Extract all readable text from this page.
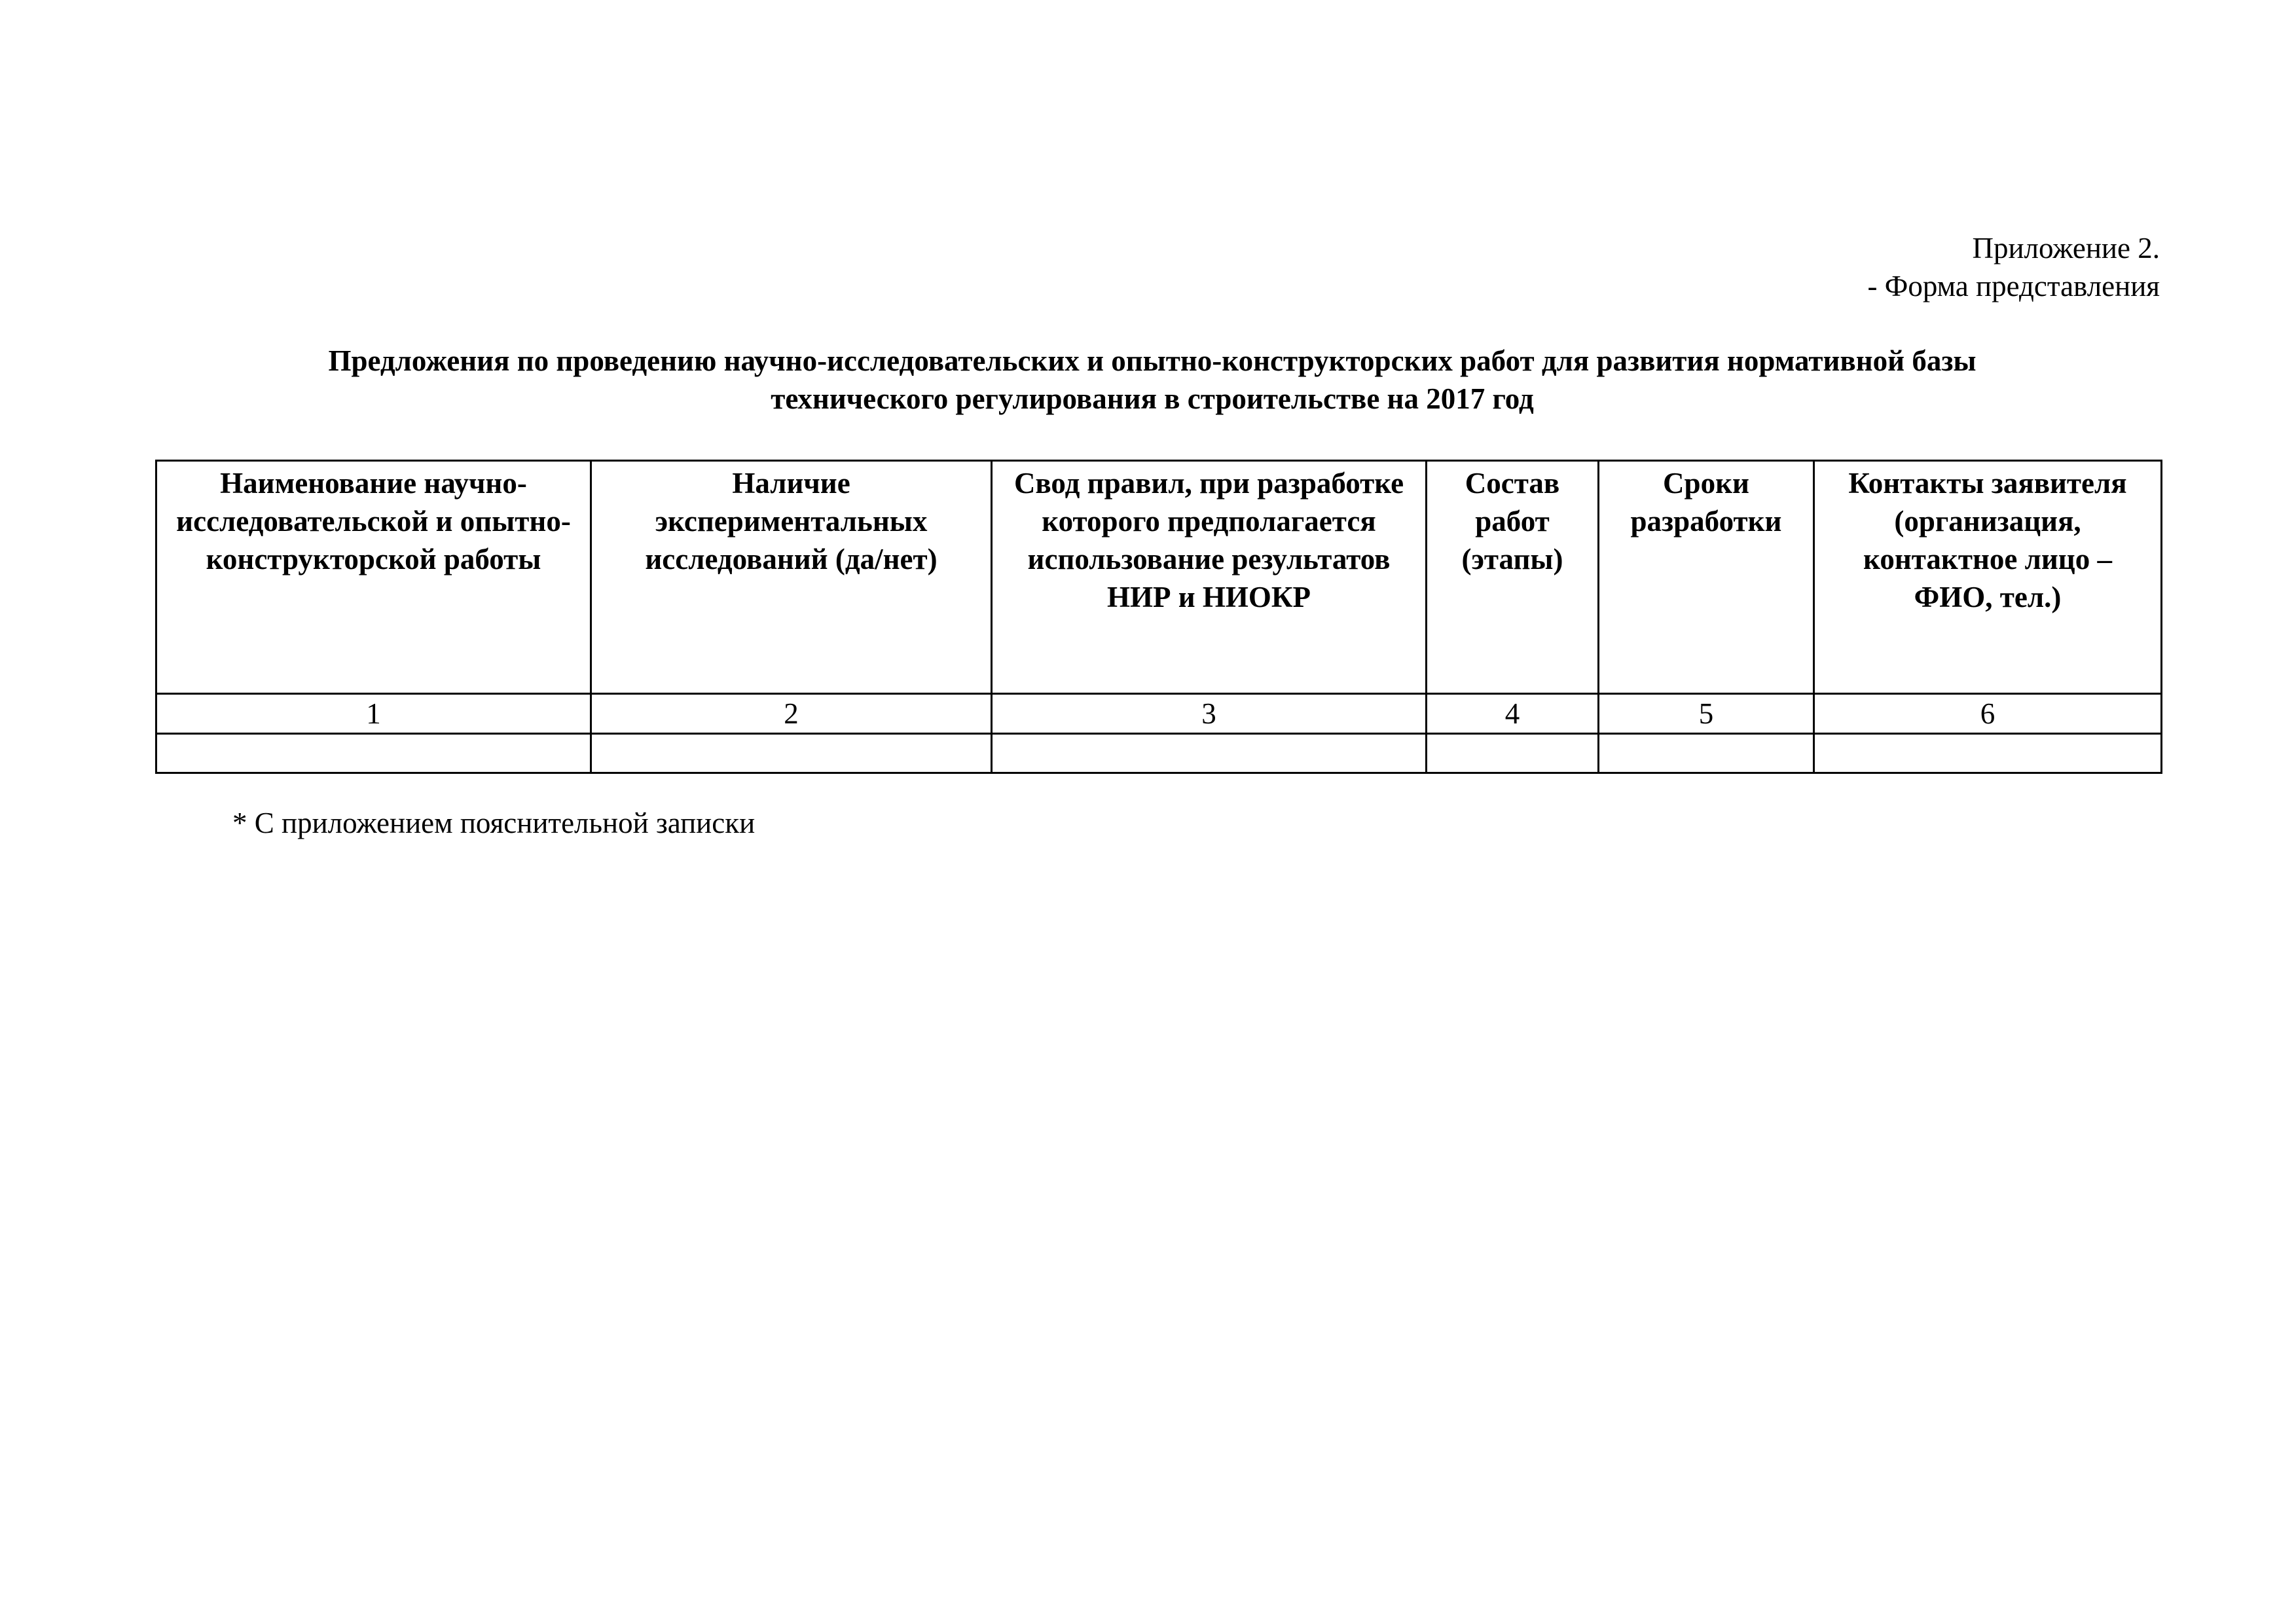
Приложение 2.
- Форма представления
Предложения по проведению научно-исследовательских и опытно-конструкторских работ для развития нормативной базы
технического регулирования в строительстве на 2017 год
Наименование научно-исследовательской и опытно-конструкторской работы	Наличие экспериментальных исследований (да/нет)	Свод правил, при разработке которого предполагается использование результатов НИР и НИОКР	Состав работ (этапы)	Сроки разработки	Контакты заявителя (организация, контактное лицо – ФИО, тел.)
1	2	3	4	5	6

* С приложением пояснительной записки
